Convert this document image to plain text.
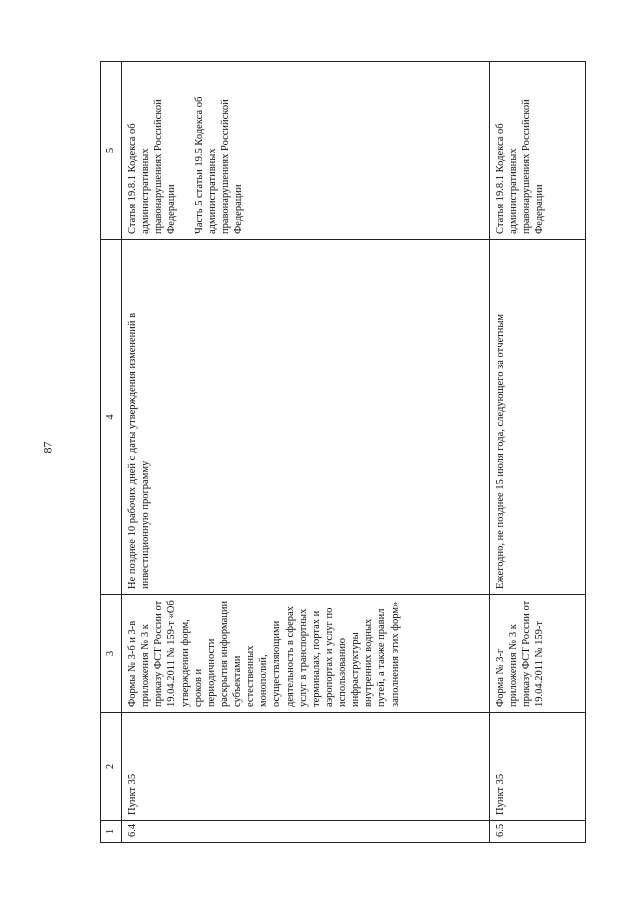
87
1	2	3	4	5
6.4	Пункт 35	Формы № 3-б и 3-в приложения № 3 к приказу ФСТ России от 19.04.2011 № 159-т «Об утверждении форм, сроков и периодичности раскрытия информации субъектами естественных монополий, осуществляющими деятельность в сферах услуг в транспортных терминалах, портах и аэропортах и услуг по использованию инфраструктуры внутренних водных путей, а также правил заполнения этих форм»	Не позднее 10 рабочих дней с даты утверждения изменений в инвестиционную программу	Статья 19.8.1 Кодекса об административных правонарушениях Российской Федерации Часть 5 статьи 19.5 Кодекса об административных правонарушениях Российской Федерации

6.5	Пункт 35	Форма № 3-г приложения № 3 к приказу ФСТ России от 19.04.2011 № 159-т	Ежегодно, не позднее 15 июля года, следующего за отчетным	Статья 19.8.1 Кодекса об административных правонарушениях Российской Федерации
